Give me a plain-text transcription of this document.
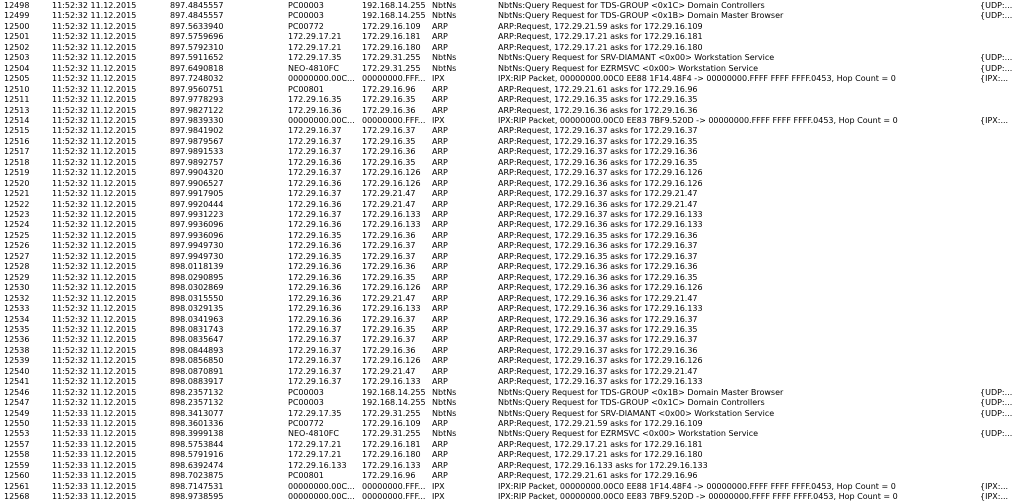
12498	11:52:32 11.12.2015	897.4845557	PC00003	192.168.14.255 NbtNs	NbtNs:Query Request for TDS-GROUP <0x1C> Domain Controllers	{UDP:...
12499	11:52:32 11.12.2015	897.4845557	PC00003	192.168.14.255 NbtNs	NbtNs:Query Request for TDS-GROUP <0x1B> Domain Master Browser	{UDP:...
12500	11:52:32 11.12.2015	897.5633940	PC00772	172.29.16.109	ARP	ARP:Request, 172.29.21.59 asks for 172.29.16.109
12501	11:52:32 11.12.2015	897.5759696	172.29.17.21	172.29.16.181	ARP	ARP:Request, 172.29.17.21 asks for 172.29.16.181
12502	11:52:32 11.12.2015	897.5792310	172.29.17.21	172.29.16.180	ARP	ARP:Request, 172.29.17.21 asks for 172.29.16.180
12503	11:52:32 11.12.2015	897.5911652	172.29.17.35	172.29.31.255	NbtNs	NbtNs:Query Request for SRV-DIAMANT <0x00> Workstation Service	{UDP:...
12504	11:52:32 11.12.2015	897.6490818	NEO-4810FC	172.29.31.255	NbtNs	NbtNs:Query Request for EZRMSVC <0x00> Workstation Service	{UDP:...
12505	11:52:32 11.12.2015	897.7248032	00000000.00C... 00000000.FFF... IPX	IPX:RIP Packet, 00000000.00C0 EE88 1F14.48F4 -> 00000000.FFFF FFFF FFFF.0453, Hop Count = 0	{IPX:...
12510	11:52:32 11.12.2015	897.9560751	PC00801	172.29.16.96	ARP	ARP:Request, 172.29.21.61 asks for 172.29.16.96
12511	11:52:32 11.12.2015	897.9778293	172.29.16.35	172.29.16.35	ARP	ARP:Request, 172.29.16.35 asks for 172.29.16.35
12513	11:52:32 11.12.2015	897.9827122	172.29.16.36	172.29.16.36	ARP	ARP:Request, 172.29.16.36 asks for 172.29.16.36
12514	11:52:32 11.12.2015	897.9839330	00000000.00C... 00000000.FFF... IPX	IPX:RIP Packet, 00000000.00C0 EE83 7BF9.520D -> 00000000.FFFF FFFF FFFF.0453, Hop Count = 0	{IPX:...
12515	11:52:32 11.12.2015	897.9841902	172.29.16.37	172.29.16.37	ARP	ARP:Request, 172.29.16.37 asks for 172.29.16.37
12516	11:52:32 11.12.2015	897.9879567	172.29.16.37	172.29.16.35	ARP	ARP:Request, 172.29.16.37 asks for 172.29.16.35
12517	11:52:32 11.12.2015	897.9891533	172.29.16.37	172.29.16.36	ARP	ARP:Request, 172.29.16.37 asks for 172.29.16.36
12518	11:52:32 11.12.2015	897.9892757	172.29.16.36	172.29.16.35	ARP	ARP:Request, 172.29.16.36 asks for 172.29.16.35
12519	11:52:32 11.12.2015	897.9904320	172.29.16.37	172.29.16.126	ARP	ARP:Request, 172.29.16.37 asks for 172.29.16.126
12520	11:52:32 11.12.2015	897.9906527	172.29.16.36	172.29.16.126	ARP	ARP:Request, 172.29.16.36 asks for 172.29.16.126
12521	11:52:32 11.12.2015	897.9917905	172.29.16.37	172.29.21.47	ARP	ARP:Request, 172.29.16.37 asks for 172.29.21.47
12522	11:52:32 11.12.2015	897.9920444	172.29.16.36	172.29.21.47	ARP	ARP:Request, 172.29.16.36 asks for 172.29.21.47
12523	11:52:32 11.12.2015	897.9931223	172.29.16.37	172.29.16.133	ARP	ARP:Request, 172.29.16.37 asks for 172.29.16.133
12524	11:52:32 11.12.2015	897.9936096	172.29.16.36	172.29.16.133	ARP	ARP:Request, 172.29.16.36 asks for 172.29.16.133
12525	11:52:32 11.12.2015	897.9936096	172.29.16.35	172.29.16.36	ARP	ARP:Request, 172.29.16.35 asks for 172.29.16.36
12526	11:52:32 11.12.2015	897.9949730	172.29.16.36	172.29.16.37	ARP	ARP:Request, 172.29.16.36 asks for 172.29.16.37
12527	11:52:32 11.12.2015	897.9949730	172.29.16.35	172.29.16.37	ARP	ARP:Request, 172.29.16.35 asks for 172.29.16.37
12528	11:52:32 11.12.2015	898.0118139	172.29.16.36	172.29.16.36	ARP	ARP:Request, 172.29.16.36 asks for 172.29.16.36
12529	11:52:32 11.12.2015	898.0290895	172.29.16.36	172.29.16.35	ARP	ARP:Request, 172.29.16.36 asks for 172.29.16.35
12530	11:52:32 11.12.2015	898.0302869	172.29.16.36	172.29.16.126	ARP	ARP:Request, 172.29.16.36 asks for 172.29.16.126
12532	11:52:32 11.12.2015	898.0315550	172.29.16.36	172.29.21.47	ARP	ARP:Request, 172.29.16.36 asks for 172.29.21.47
12533	11:52:32 11.12.2015	898.0329135	172.29.16.36	172.29.16.133	ARP	ARP:Request, 172.29.16.36 asks for 172.29.16.133
12534	11:52:32 11.12.2015	898.0341963	172.29.16.36	172.29.16.37	ARP	ARP:Request, 172.29.16.36 asks for 172.29.16.37
12535	11:52:32 11.12.2015	898.0831743	172.29.16.37	172.29.16.35	ARP	ARP:Request, 172.29.16.37 asks for 172.29.16.35
12536	11:52:32 11.12.2015	898.0835647	172.29.16.37	172.29.16.37	ARP	ARP:Request, 172.29.16.37 asks for 172.29.16.37
12538	11:52:32 11.12.2015	898.0844893	172.29.16.37	172.29.16.36	ARP	ARP:Request, 172.29.16.37 asks for 172.29.16.36
12539	11:52:32 11.12.2015	898.0856850	172.29.16.37	172.29.16.126	ARP	ARP:Request, 172.29.16.37 asks for 172.29.16.126
12540	11:52:32 11.12.2015	898.0870891	172.29.16.37	172.29.21.47	ARP	ARP:Request, 172.29.16.37 asks for 172.29.21.47
12541	11:52:32 11.12.2015	898.0883917	172.29.16.37	172.29.16.133	ARP	ARP:Request, 172.29.16.37 asks for 172.29.16.133
12546	11:52:32 11.12.2015	898.2357132	PC00003	192.168.14.255 NbtNs	NbtNs:Query Request for TDS-GROUP <0x1B> Domain Master Browser	{UDP:...
12547	11:52:32 11.12.2015	898.2357132	PC00003	192.168.14.255 NbtNs	NbtNs:Query Request for TDS-GROUP <0x1C> Domain Controllers	{UDP:...
12549	11:52:33 11.12.2015	898.3413077	172.29.17.35	172.29.31.255	NbtNs	NbtNs:Query Request for SRV-DIAMANT <0x00> Workstation Service	{UDP:...
12550	11:52:33 11.12.2015	898.3601336	PC00772	172.29.16.109	ARP	ARP:Request, 172.29.21.59 asks for 172.29.16.109
12553	11:52:33 11.12.2015	898.3999138	NEO-4810FC	172.29.31.255	NbtNs	NbtNs:Query Request for EZRMSVC <0x00> Workstation Service	{UDP:...
12557	11:52:33 11.12.2015	898.5753844	172.29.17.21	172.29.16.181	ARP	ARP:Request, 172.29.17.21 asks for 172.29.16.181
12558	11:52:33 11.12.2015	898.5791916	172.29.17.21	172.29.16.180	ARP	ARP:Request, 172.29.17.21 asks for 172.29.16.180
12559	11:52:33 11.12.2015	898.6392474	172.29.16.133	172.29.16.133	ARP	ARP:Request, 172.29.16.133 asks for 172.29.16.133
12560	11:52:33 11.12.2015	898.7023875	PC00801	172.29.16.96	ARP	ARP:Request, 172.29.21.61 asks for 172.29.16.96
12561	11:52:33 11.12.2015	898.7147531	00000000.00C... 00000000.FFF... IPX	IPX:RIP Packet, 00000000.00C0 EE88 1F14.48F4 -> 00000000.FFFF FFFF FFFF.0453, Hop Count = 0	{IPX:...
12568	11:52:33 11.12.2015	898.9738595	00000000.00C... 00000000.FFF... IPX	IPX:RIP Packet, 00000000.00C0 EE83 7BF9.520D -> 00000000.FFFF FFFF FFFF.0453, Hop Count = 0	{IPX:...
